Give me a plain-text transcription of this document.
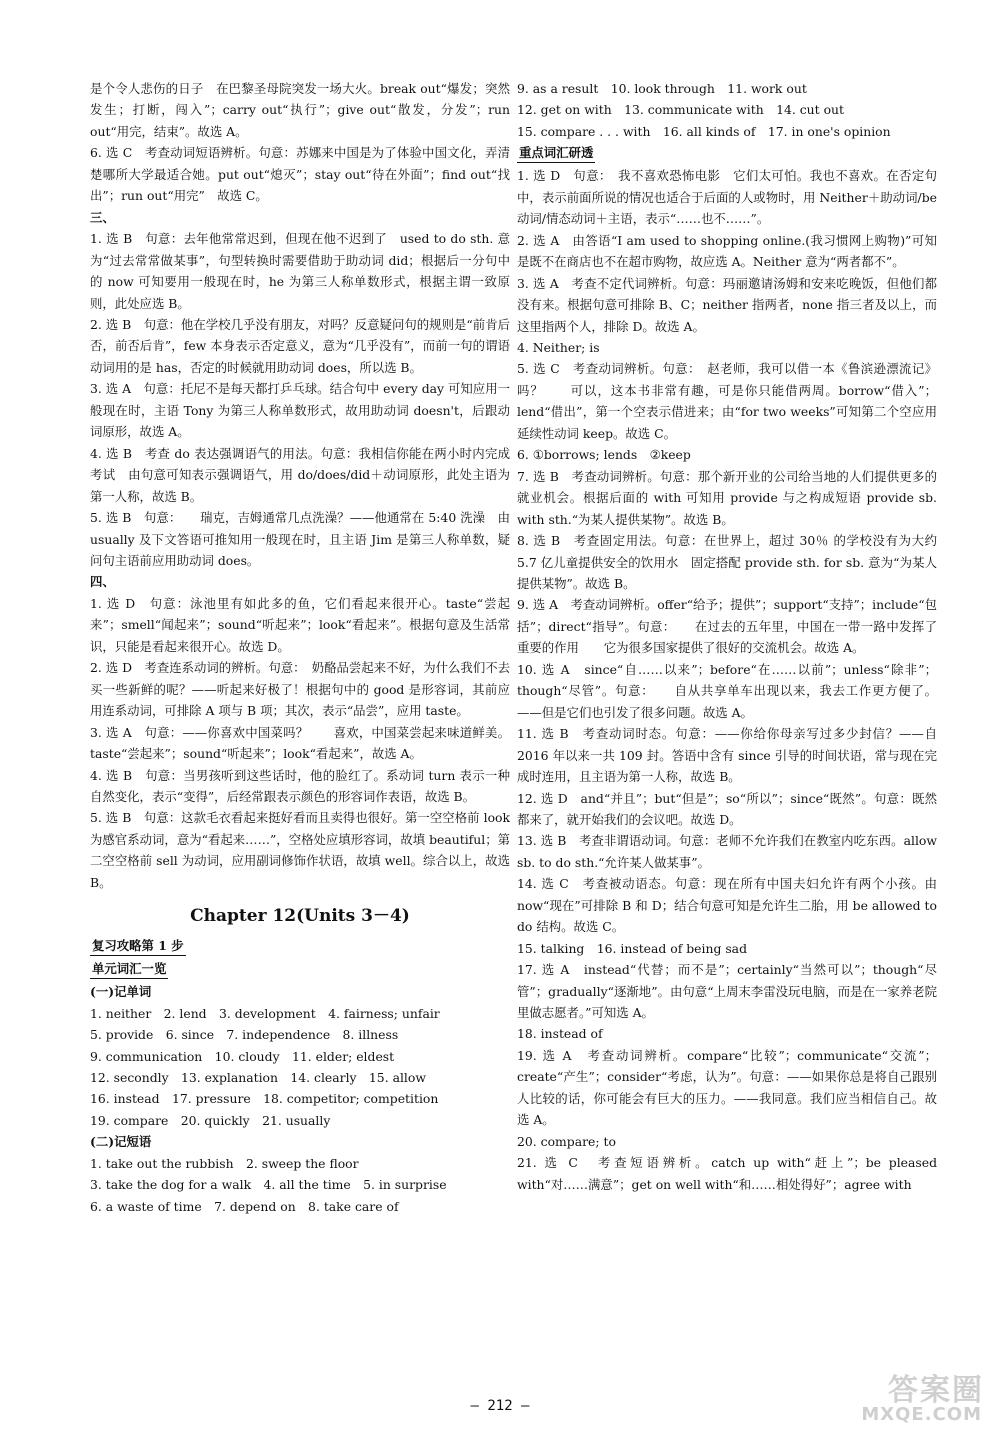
是个令人悲伤的日子　在巴黎圣母院突发一场大火。break out“爆发；突然发生；打断，闯入”；carry out“执行”；give out“散发，分发”；run out“用完，结束”。故选 A。

6. 选 C　考查动词短语辨析。句意：苏娜来中国是为了体验中国文化，弄清楚哪所大学最适合她。put out“熄灭”；stay out“待在外面”；find out“找出”；run out“用完”　故选 C。

三、

1. 选 B　句意：去年他常常迟到，但现在他不迟到了　used to do sth. 意为“过去常常做某事”，句型转换时需要借助于助动词 did；根据后一分句中的 now 可知要用一般现在时，he 为第三人称单数形式，根据主谓一致原则，此处应选 B。

2. 选 B　句意：他在学校几乎没有朋友，对吗？反意疑问句的规则是“前肯后否，前否后肯”，few 本身表示否定意义，意为“几乎没有”，而前一句的谓语动词用的是 has，否定的时候就用助动词 does，所以选 B。

3. 选 A　句意：托尼不是每天都打乒乓球。结合句中 every day 可知应用一般现在时，主语 Tony 为第三人称单数形式，故用助动词 doesn't，后跟动词原形，故选 A。

4. 选 B　考查 do 表达强调语气的用法。句意：我相信你能在两小时内完成考试　由句意可知表示强调语气，用 do/does/did＋动词原形，此处主语为第一人称，故选 B。

5. 选 B　句意：　　瑞克，吉姆通常几点洗澡？——他通常在 5:40 洗澡　由 usually 及下文答语可推知用一般现在时，且主语 Jim 是第三人称单数，疑问句主语前应用助动词 does。

四、

1. 选 D　句意：泳池里有如此多的鱼，它们看起来很开心。taste“尝起来”；smell“闻起来”；sound“听起来”；look“看起来”。根据句意及生活常识，只能是看起来很开心。故选 D。

2. 选 D　考查连系动词的辨析。句意：　奶酪品尝起来不好，为什么我们不去买一些新鲜的呢？——听起来好极了！根据句中的 good 是形容词，其前应用连系动词，可排除 A 项与 B 项；其次，表示“品尝”，应用 taste。

3. 选 A　句意：——你喜欢中国菜吗？　　喜欢，中国菜尝起来味道鲜美。taste“尝起来”；sound“听起来”；look“看起来”，故选 A。

4. 选 B　句意：当男孩听到这些话时，他的脸红了。系动词 turn 表示一种自然变化，表示“变得”，后经常跟表示颜色的形容词作表语，故选 B。

5. 选 B　句意：这款毛衣看起来挺好看而且卖得也很好。第一空空格前 look 为感官系动词，意为“看起来……”，空格处应填形容词，故填 beautiful；第二空空格前 sell 为动词，应用副词修饰作状语，故填 well。综合以上，故选 B。

Chapter 12(Units 3－4)
复习攻略第 1 步
单元词汇一览

(一)记单词

1. neither　2. lend　3. development　4. fairness; unfair

5. provide　6. since　7. independence　8. illness

9. communication　10. cloudy　11. elder; eldest

12. secondly　13. explanation　14. clearly　15. allow

16. instead　17. pressure　18. competitor; competition

19. compare　20. quickly　21. usually

(二)记短语

1. take out the rubbish　2. sweep the floor

3. take the dog for a walk　4. all the time　5. in surprise

6. a waste of time　7. depend on　8. take care of

9. as a result　10. look through　11. work out

12. get on with　13. communicate with　14. cut out

15. compare . . . with　16. all kinds of　17. in one's opinion

重点词汇研透

1. 选 D　句意：　我不喜欢恐怖电影　它们太可怕。我也不喜欢。在否定句中，表示前面所说的情况也适合于后面的人或物时，用 Neither＋助动词/be 动词/情态动词＋主语，表示“……也不……”。

2. 选 A　由答语“I am used to shopping online.(我习惯网上购物)”可知是既不在商店也不在超市购物，故应选 A。Neither 意为“两者都不”。

3. 选 A　考查不定代词辨析。句意：玛丽邀请汤姆和安来吃晚饭，但他们都没有来。根据句意可排除 B、C；neither 指两者，none 指三者及以上，而这里指两个人，排除 D。故选 A。

4. Neither; is

5. 选 C　考查动词辨析。句意：　赵老师，我可以借一本《鲁滨逊漂流记》吗？　　可以，这本书非常有趣，可是你只能借两周。borrow“借入”；lend“借出”，第一个空表示借进来；由“for two weeks”可知第二个空应用延续性动词 keep。故选 C。

6. ①borrows; lends　②keep

7. 选 B　考查动词辨析。句意：那个新开业的公司给当地的人们提供更多的就业机会。根据后面的 with 可知用 provide 与之构成短语 provide sb. with sth.“为某人提供某物”。故选 B。

8. 选 B　考查固定用法。句意：在世界上，超过 30％ 的学校没有为大约 5.7 亿儿童提供安全的饮用水　固定搭配 provide sth. for sb. 意为“为某人提供某物”。故选 B。

9. 选 A　考查动词辨析。offer“给予；提供”；support“支持”；include“包括”；direct“指导”。句意：　　在过去的五年里，中国在一带一路中发挥了重要的作用　　它为很多国家提供了很好的交流机会。故选 A。

10. 选 A　since“自……以来”；before“在……以前”；unless“除非”；though“尽管”。句意：　　自从共享单车出现以来，我去工作更方便了。——但是它们也引发了很多问题。故选 A。

11. 选 B　考查动词时态。句意：——你给你母亲写过多少封信？——自 2016 年以来一共 109 封。答语中含有 since 引导的时间状语，常与现在完成时连用，且主语为第一人称，故选 B。

12. 选 D　and“并且”；but“但是”；so“所以”；since“既然”。句意：既然都来了，就开始我们的会议吧。故选 D。

13. 选 B　考查非谓语动词。句意：老师不允许我们在教室内吃东西。allow sb. to do sth.“允许某人做某事”。

14. 选 C　考查被动语态。句意：现在所有中国夫妇允许有两个小孩。由 now“现在”可排除 B 和 D；结合句意可知是允许生二胎，用 be allowed to do 结构。故选 C。

15. talking　16. instead of being sad

17. 选 A　instead“代替；而不是”；certainly“当然可以”；though“尽管”；gradually“逐渐地”。由句意“上周末李雷没玩电脑，而是在一家养老院里做志愿者。”可知选 A。

18. instead of

19. 选 A　考查动词辨析。compare“比较”；communicate“交流”；create“产生”；consider“考虑，认为”。句意：——如果你总是将自己跟别人比较的话，你可能会有巨大的压力。——我同意。我们应当相信自己。故选 A。

20. compare; to

21. 选 C　考查短语辨析。catch up with“赶上”；be pleased with“对……满意”；get on well with“和……相处得好”；agree with

— 212 —	答案圈
MXQE.COM
